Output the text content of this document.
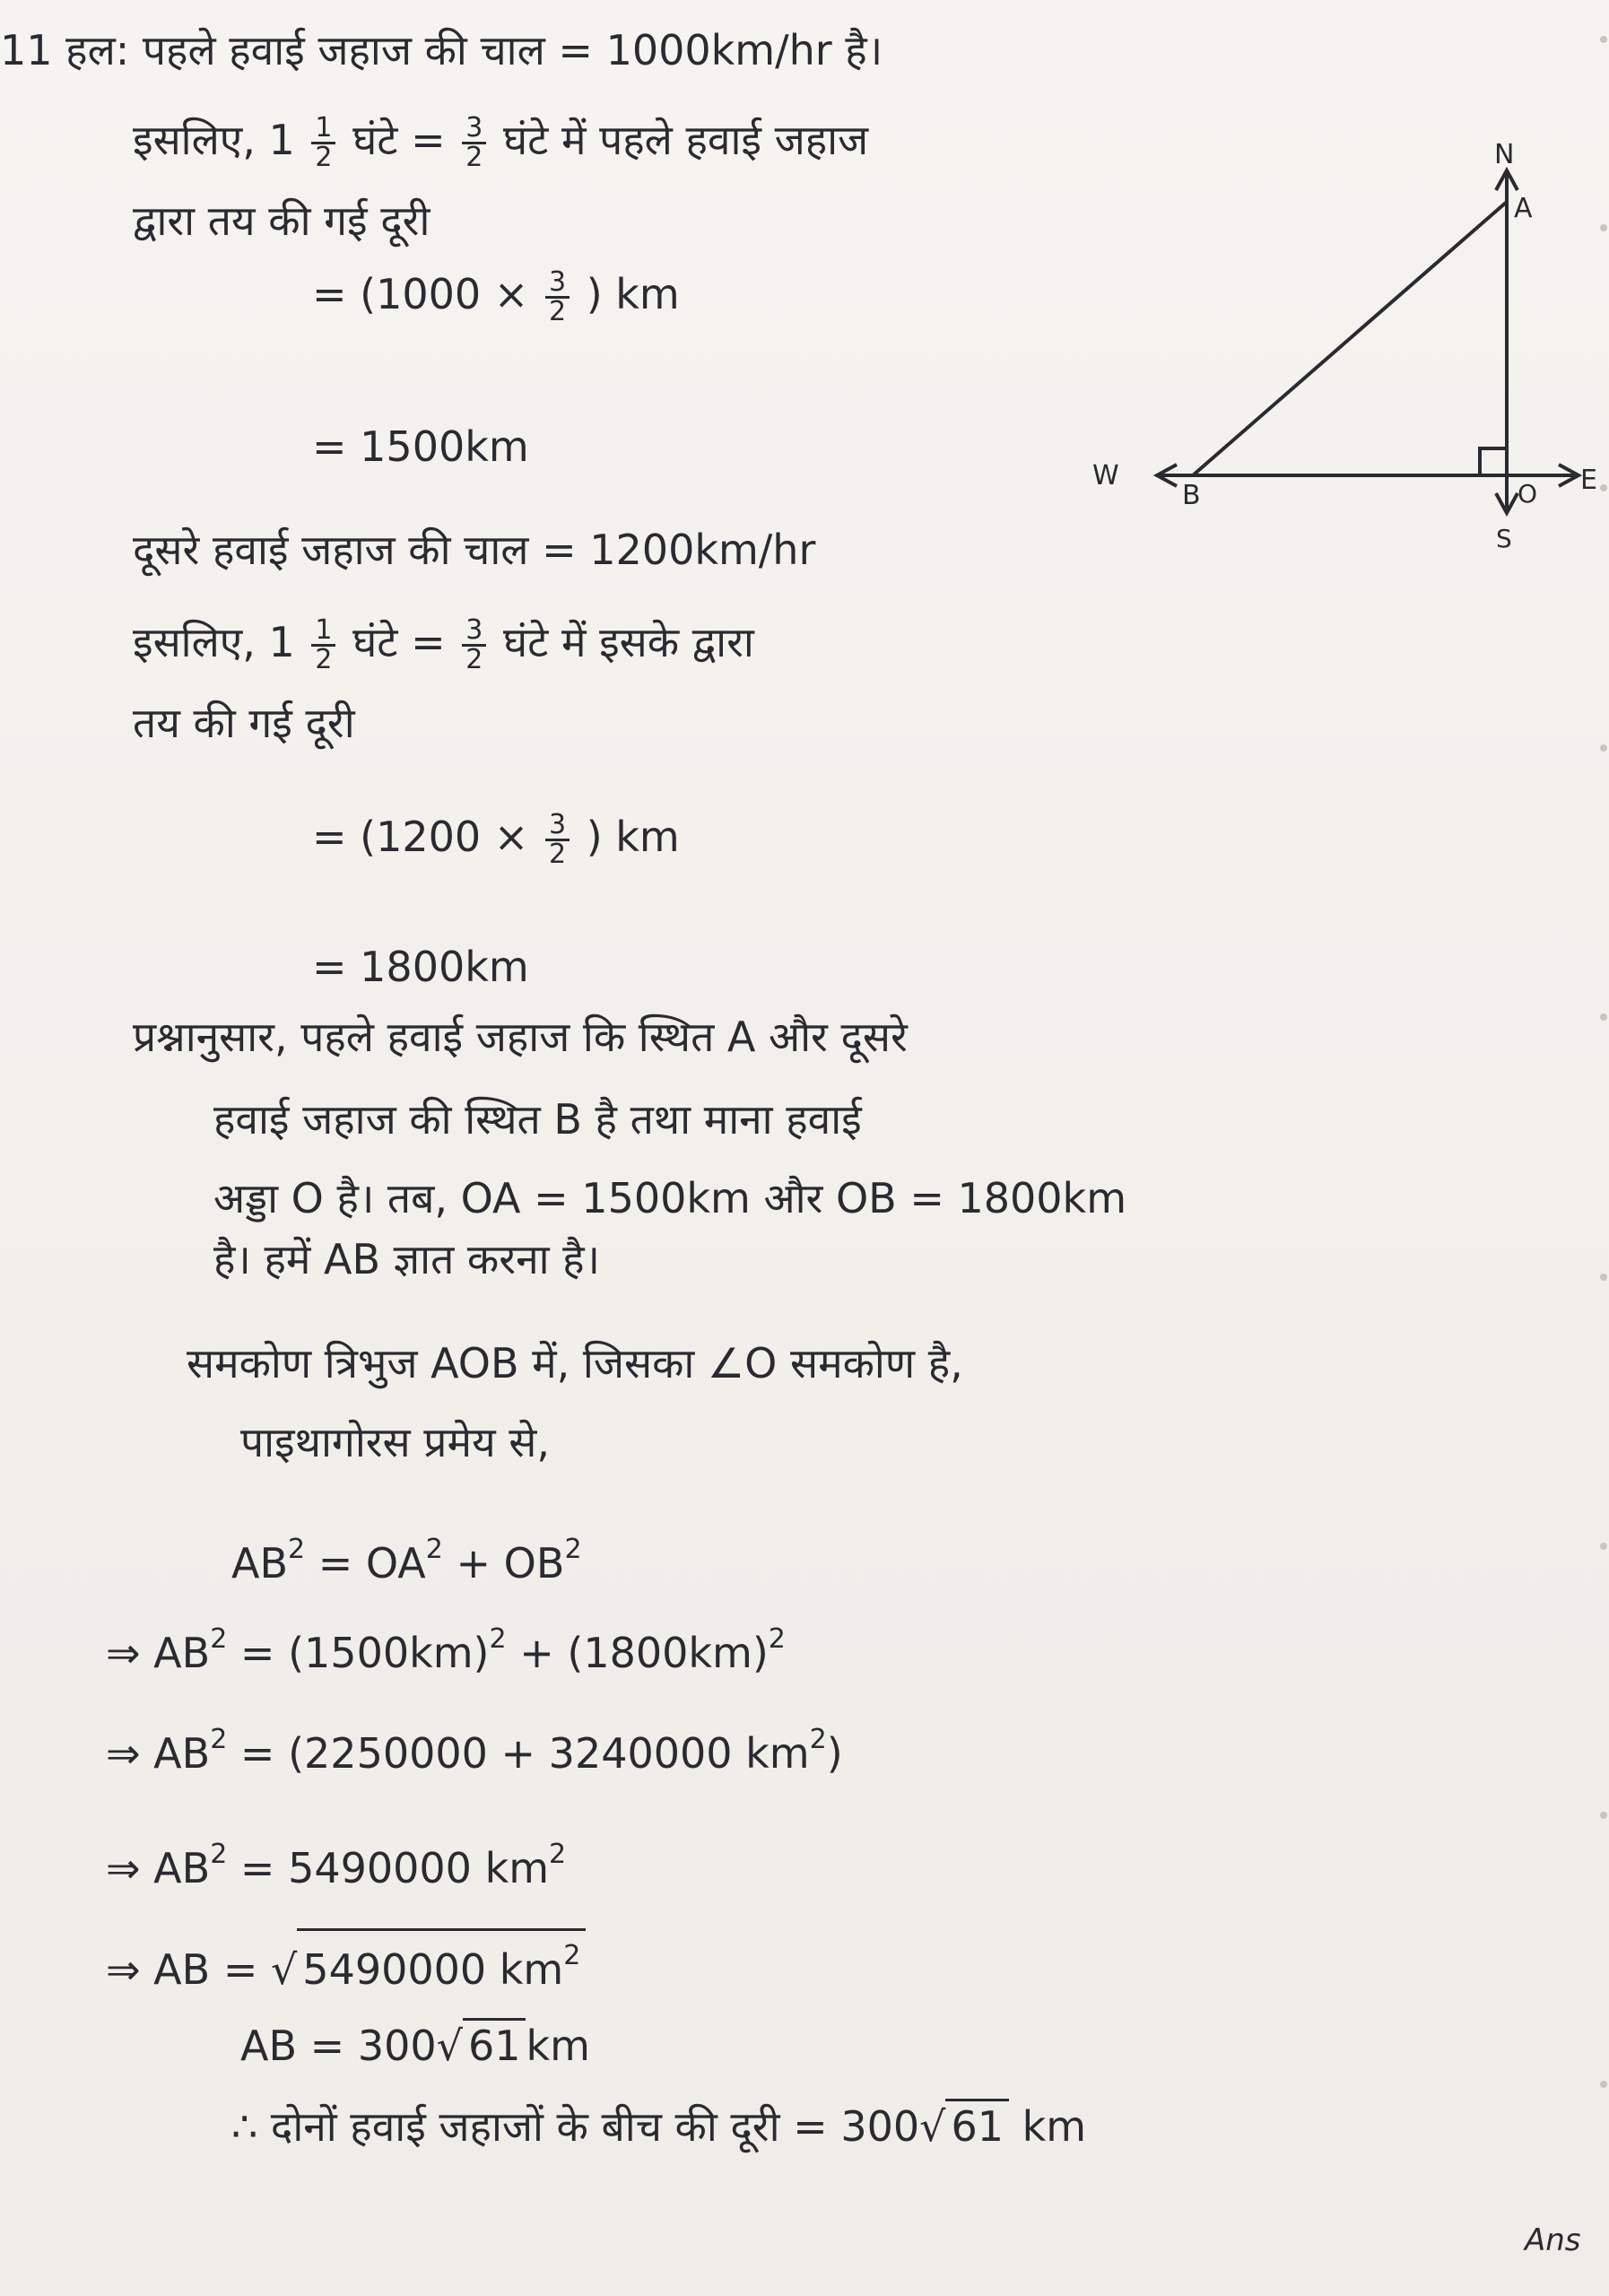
11 हल: पहले हवाई जहाज की चाल = 1000km/hr है।
इसलिए, $1 \frac{1}{2}$ घंटे = $\frac{3}{2}$ घंटे में पहले हवाई जहाज
द्वारा तय की गई दूरी
= ($1000 \times \frac{3}{2}$ ) km
= 1500km
दूसरे हवाई जहाज की चाल = 1200km/hr
इसलिए, $1 \frac{1}{2}$ घंटे = $\frac{3}{2}$ घंटे में इसके द्वारा
तय की गई दूरी
= ($1200 \times \frac{3}{2}$ ) km
= 1800km
प्रश्नानुसार, पहले हवाई जहाज कि स्थित A और दूसरे
हवाई जहाज की स्थित B है तथा माना हवाई
अड्डा O है। तब, OA = 1500km और OB = 1800km
है। हमें AB ज्ञात करना है।
समकोण त्रिभुज AOB में, जिसका ∠O समकोण है,
पाइथागोरस प्रमेय से,
$AB^2 = OA^2 + OB^2$
⇒ $AB^2 = (1500km)^2 + (1800km)^2$
⇒ $AB^2 = (2250000 + 3240000$ $km^2$)
⇒ $AB^2 = 5490000$ $km^2$
⇒ AB = √ 5490000 $km^2$
AB = 300√ 61 km
∴ दोनों हवाई जहाजों के बीच की दूरी = 300√ 61 km
Ans
N
A
W
B	O E
S
